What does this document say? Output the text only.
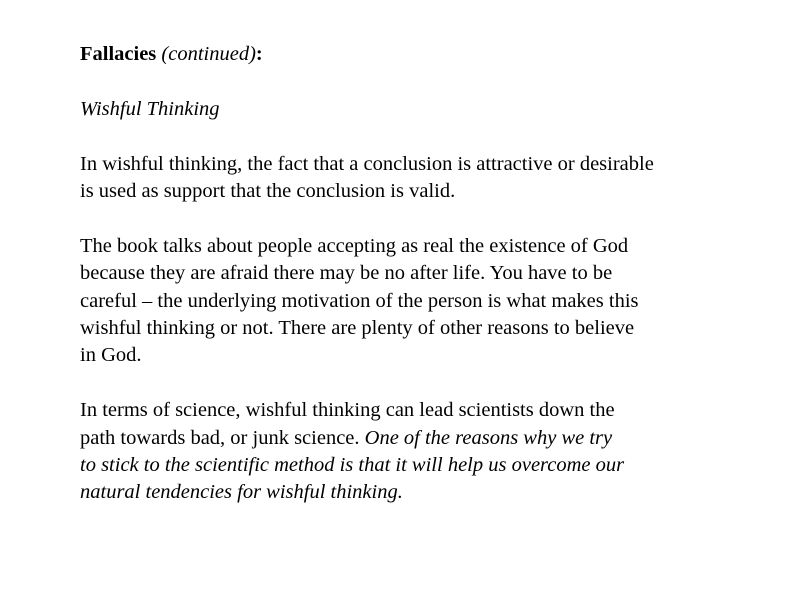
Fallacies (continued):

Wishful Thinking

In wishful thinking, the fact that a conclusion is attractive or desirable
is used as support that the conclusion is valid.

The book talks about people accepting as real the existence of God
because they are afraid there may be no after life. You have to be
careful – the underlying motivation of the person is what makes this
wishful thinking or not. There are plenty of other reasons to believe
in God.

In terms of science, wishful thinking can lead scientists down the
path towards bad, or junk science. One of the reasons why we try
to stick to the scientific method is that it will help us overcome our
natural tendencies for wishful thinking.
